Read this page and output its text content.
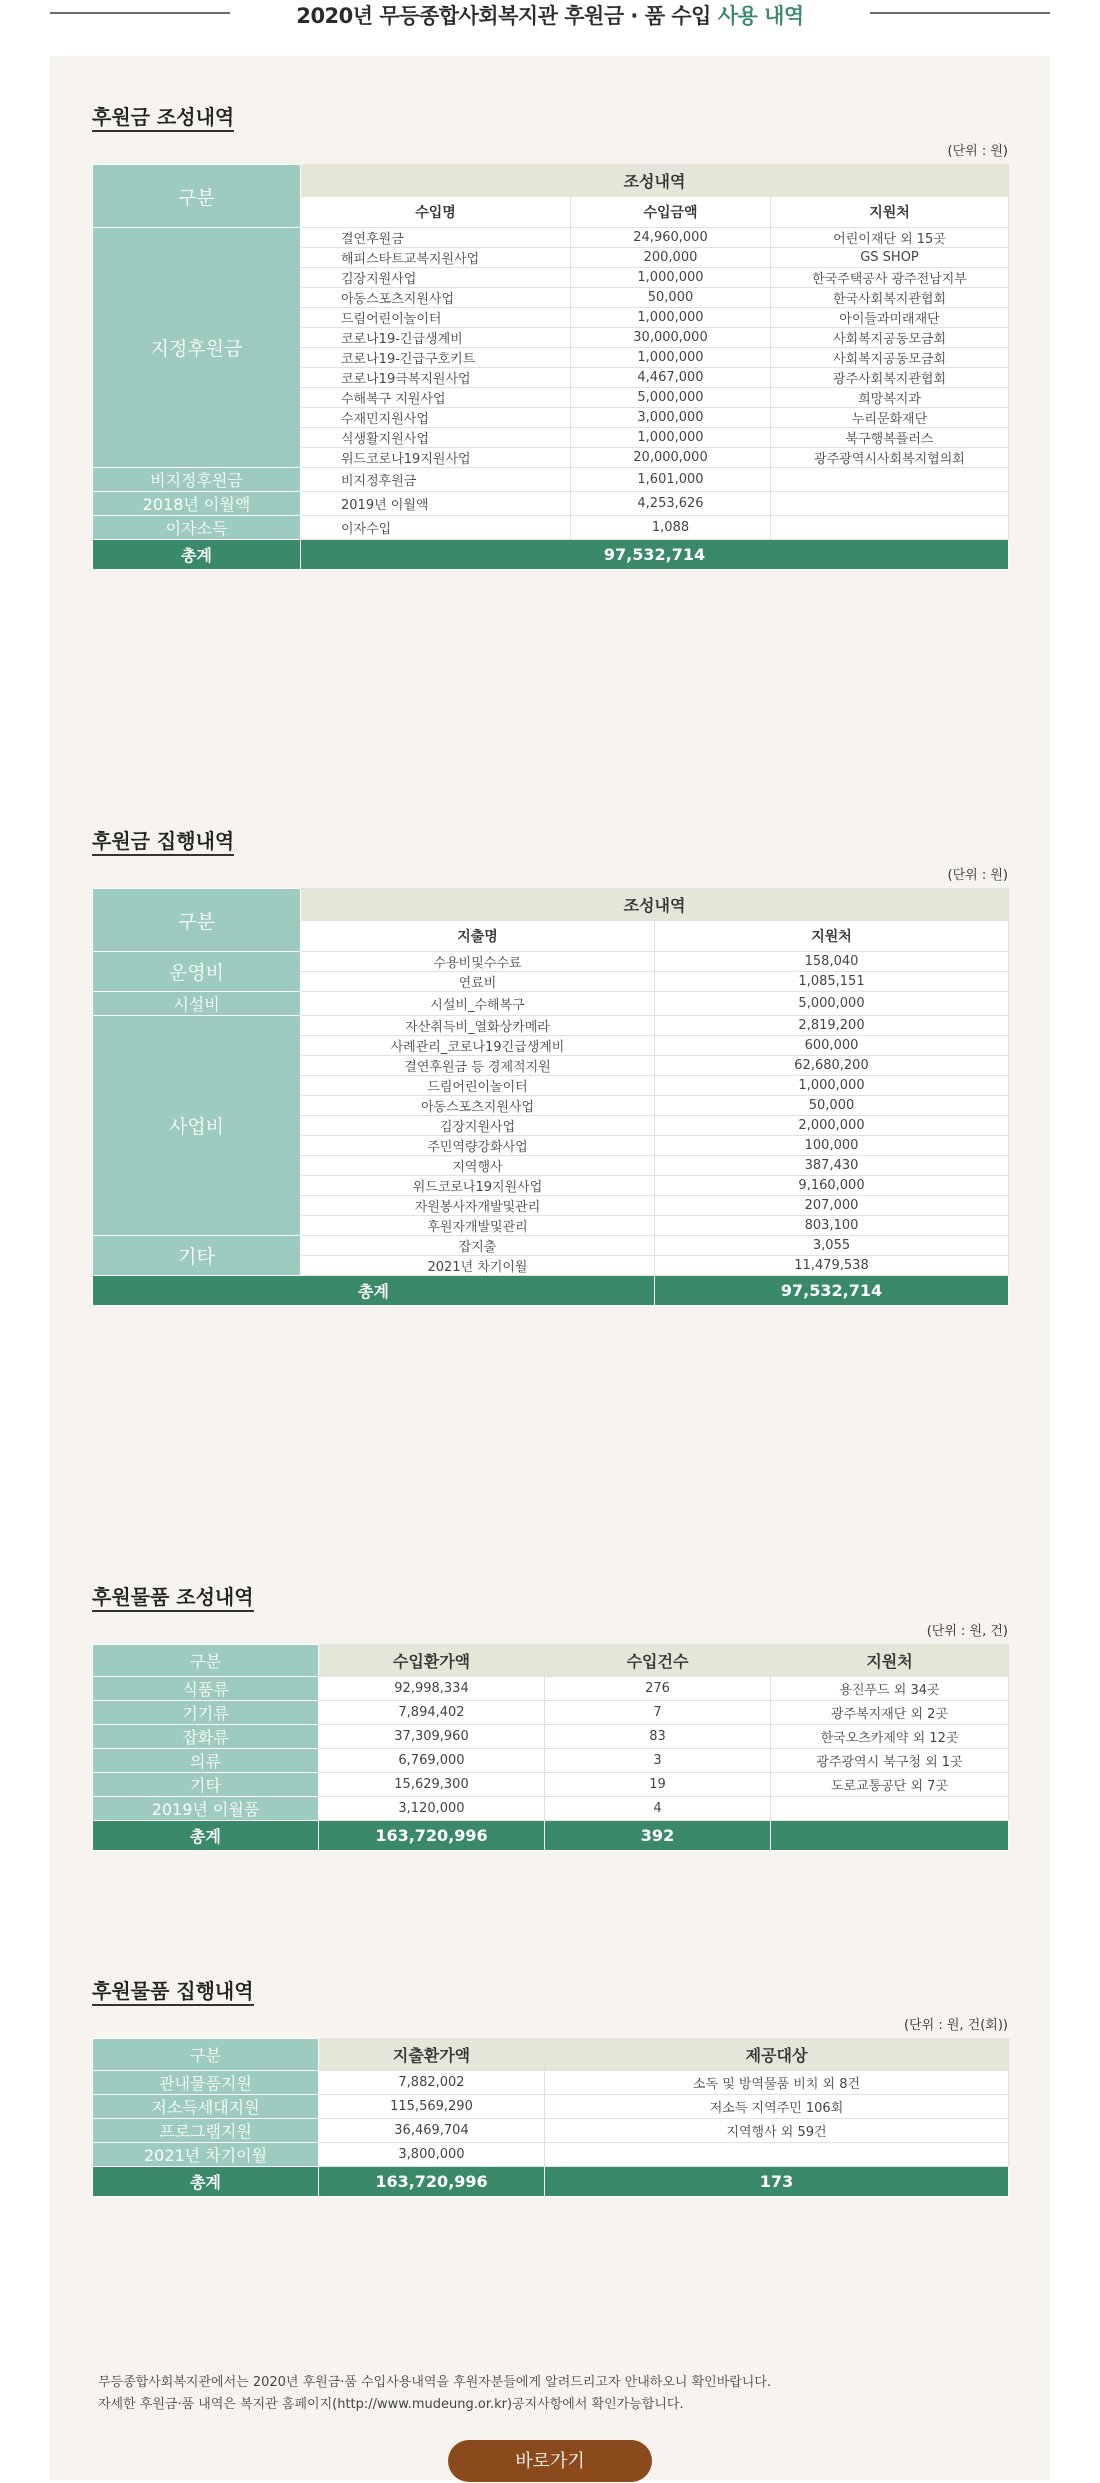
2020년 무등종합사회복지관 후원금 · 품 수입 사용 내역
후원금 조성내역
(단위 : 원)
구분	조성내역		
	수입명	수입금액	지원처
지정후원금	결연후원금	24,960,000	어린이재단 외 15곳
	해피스타트교복지원사업	200,000	GS SHOP
	김장지원사업	1,000,000	한국주택공사 광주전남지부
	아동스포츠지원사업	50,000	한국사회복지관협회
	드림어린이놀이터	1,000,000	아이들과미래재단
	코로나19-긴급생계비	30,000,000	사회복지공동모금회
	코로나19-긴급구호키트	1,000,000	사회복지공동모금회
	코로나19극복지원사업	4,467,000	광주사회복지관협회
	수해복구 지원사업	5,000,000	희망복지과
	수재민지원사업	3,000,000	누리문화재단
	식생활지원사업	1,000,000	북구행복플러스
	위드코로나19지원사업	20,000,000	광주광역시사회복지협의회
비지정후원금	비지정후원금	1,601,000	
2018년 이월액	2019년 이월액	4,253,626	
이자소득	이자수입	1,088	
총계	97,532,714		
후원금 집행내역
(단위 : 원)
구분	조성내역	
	지출명	지원처
운영비	수용비및수수료	158,040
	연료비	1,085,151
시설비	시설비_수해복구	5,000,000
사업비	자산취득비_열화상카메라	2,819,200
	사례관리_코로나19긴급생계비	600,000
	결연후원금 등 경제적지원	62,680,200
	드림어린이놀이터	1,000,000
	아동스포츠지원사업	50,000
	김장지원사업	2,000,000
	주민역량강화사업	100,000
	지역행사	387,430
	위드코로나19지원사업	9,160,000
	자원봉사자개발및관리	207,000
	후원자개발및관리	803,100
기타	잡지출	3,055
	2021년 차기이월	11,479,538
총계		97,532,714
후원물품 조성내역
(단위 : 원, 건)
구분	수입환가액	수입건수	지원처
식품류	92,998,334	276	용진푸드 외 34곳
기기류	7,894,402	7	광주복지재단 외 2곳
잡화류	37,309,960	83	한국오츠카제약 외 12곳
의류	6,769,000	3	광주광역시 북구청 외 1곳
기타	15,629,300	19	도로교통공단 외 7곳
2019년 이월품	3,120,000	4	
총계	163,720,996	392	
후원물품 집행내역
(단위 : 원, 건(회))
구분	지출환가액	제공대상
관내물품지원	7,882,002	소독 및 방역물품 비치 외 8건
저소득세대지원	115,569,290	저소득 지역주민 106회
프로그램지원	36,469,704	지역행사 외 59건
2021년 차기이월	3,800,000	
총계	163,720,996	173

무등종합사회복지관에서는 2020년 후원금·품 수입사용내역을 후원자분들에게 알려드리고자 안내하오니 확인바랍니다.

자세한 후원금·품 내역은 복지관 홈페이지(http://www.mudeung.or.kr)공지사항에서 확인가능합니다.

바로가기
